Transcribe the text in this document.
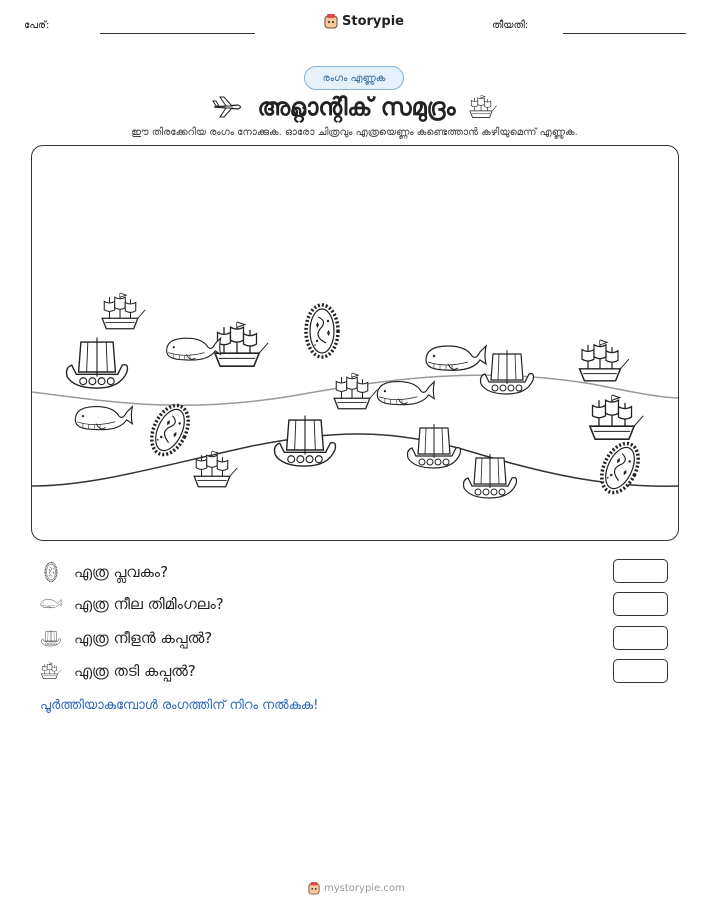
പേര്:	Storypie	തീയതി:
രംഗം എണ്ണുക
അറ്റ്ലാന്റിക് സമുദ്രം
ഈ തിരക്കേറിയ രംഗം നോക്കുക. ഓരോ ചിത്രവും എത്രയെണ്ണം കണ്ടെത്താൻ കഴിയുമെന്ന് എണ്ണുക.
എത്ര പ്ലവകം?
എത്ര നീല തിമിംഗലം?
എത്ര നീളൻ കപ്പൽ?
എത്ര തടി കപ്പൽ?
പൂർത്തിയാകുമ്പോൾ രംഗത്തിന് നിറം നൽകുക!
mystorypie.com
